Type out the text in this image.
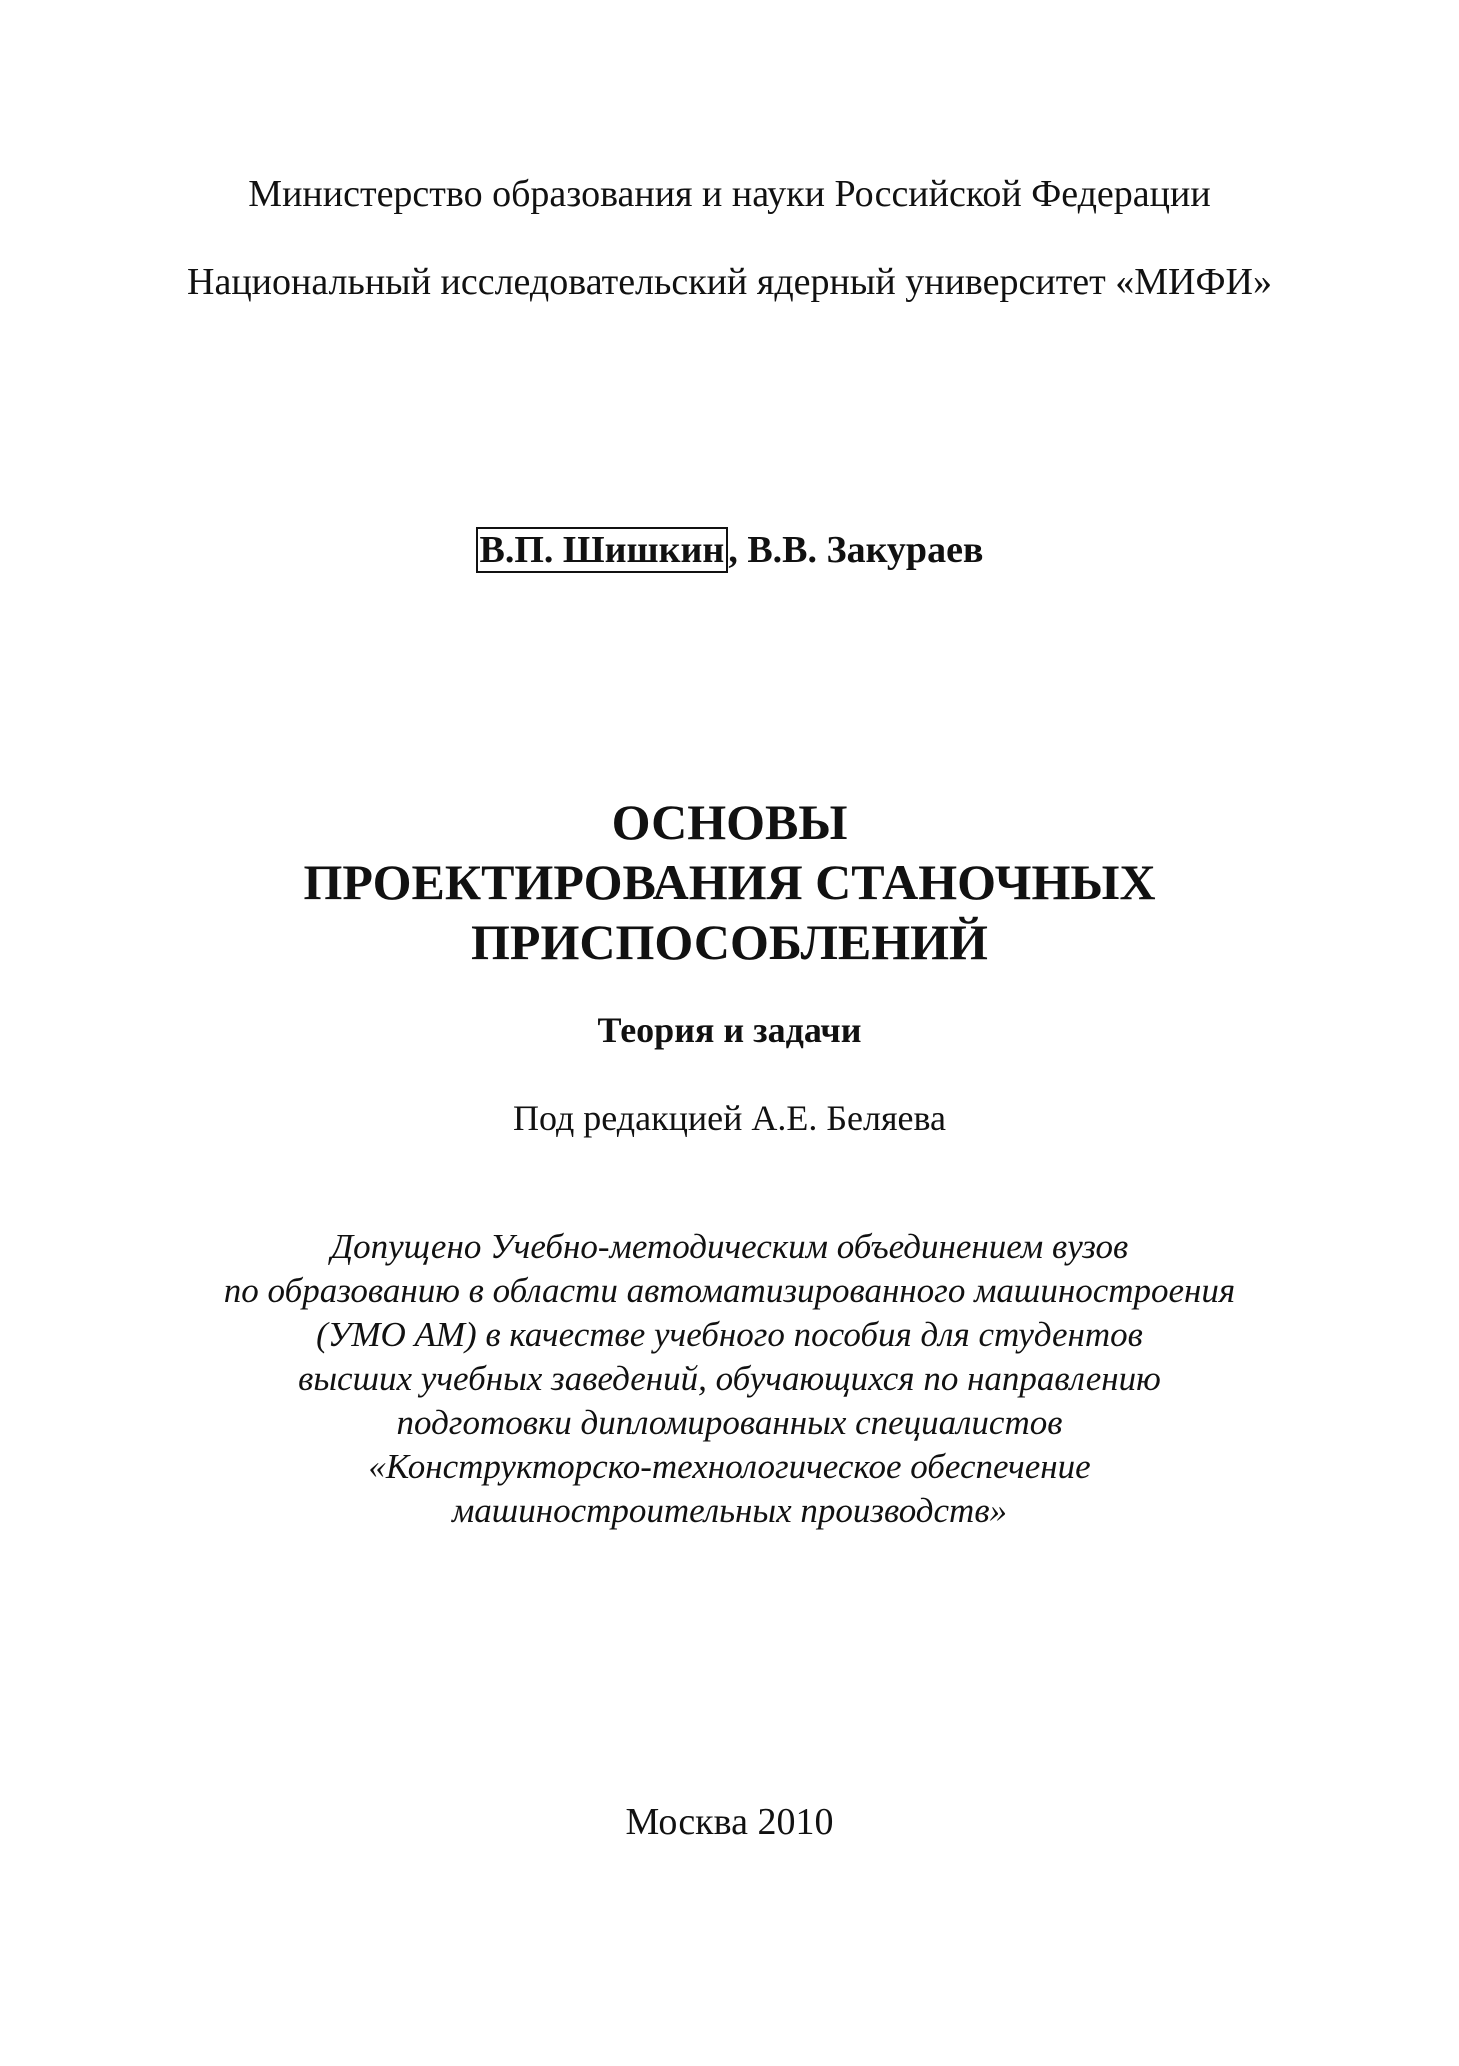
Министерство образования и науки Российской Федерации
Национальный исследовательский ядерный университет «МИФИ»
В.П. Шишкин , В.В. Закураев
ОСНОВЫ
ПРОЕКТИРОВАНИЯ СТАНОЧНЫХ
ПРИСПОСОБЛЕНИЙ
Теория и задачи
Под редакцией А.Е. Беляева
Допущено Учебно-методическим объединением вузов
по образованию в области автоматизированного машиностроения
(УМО АМ) в качестве учебного пособия для студентов
высших учебных заведений, обучающихся по направлению
подготовки дипломированных специалистов
«Конструкторско-технологическое обеспечение
машиностроительных производств»
Москва 2010
